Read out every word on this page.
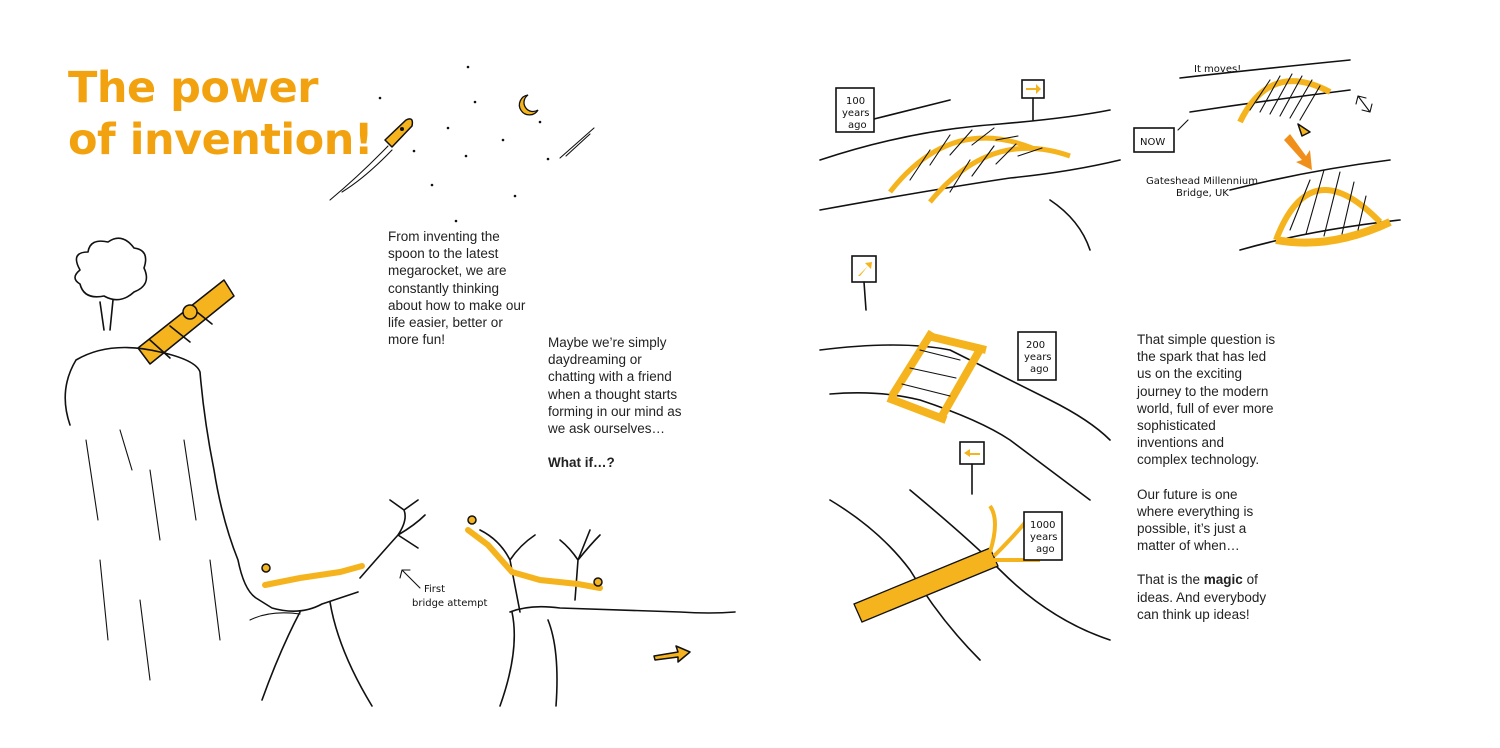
The power
of invention!
First
bridge attempt

From inventing the spoon to the latest megarocket, we are constantly thinking about how to make our life easier, better or more fun!	Maybe we’re simply daydreaming or chatting with a friend when a thought starts forming in our mind as we ask ourselves…

What if…?

100
years
ago
It moves!
NOW
Gateshead Millennium
Bridge, UK
200
years
ago
1000
years
ago

That simple question is the spark that has led us on the exciting journey to the modern world, full of ever more sophisticated inventions and complex technology.

Our future is one where everything is possible, it’s just a matter of when…

That is the magic of ideas. And everybody can think up ideas!
